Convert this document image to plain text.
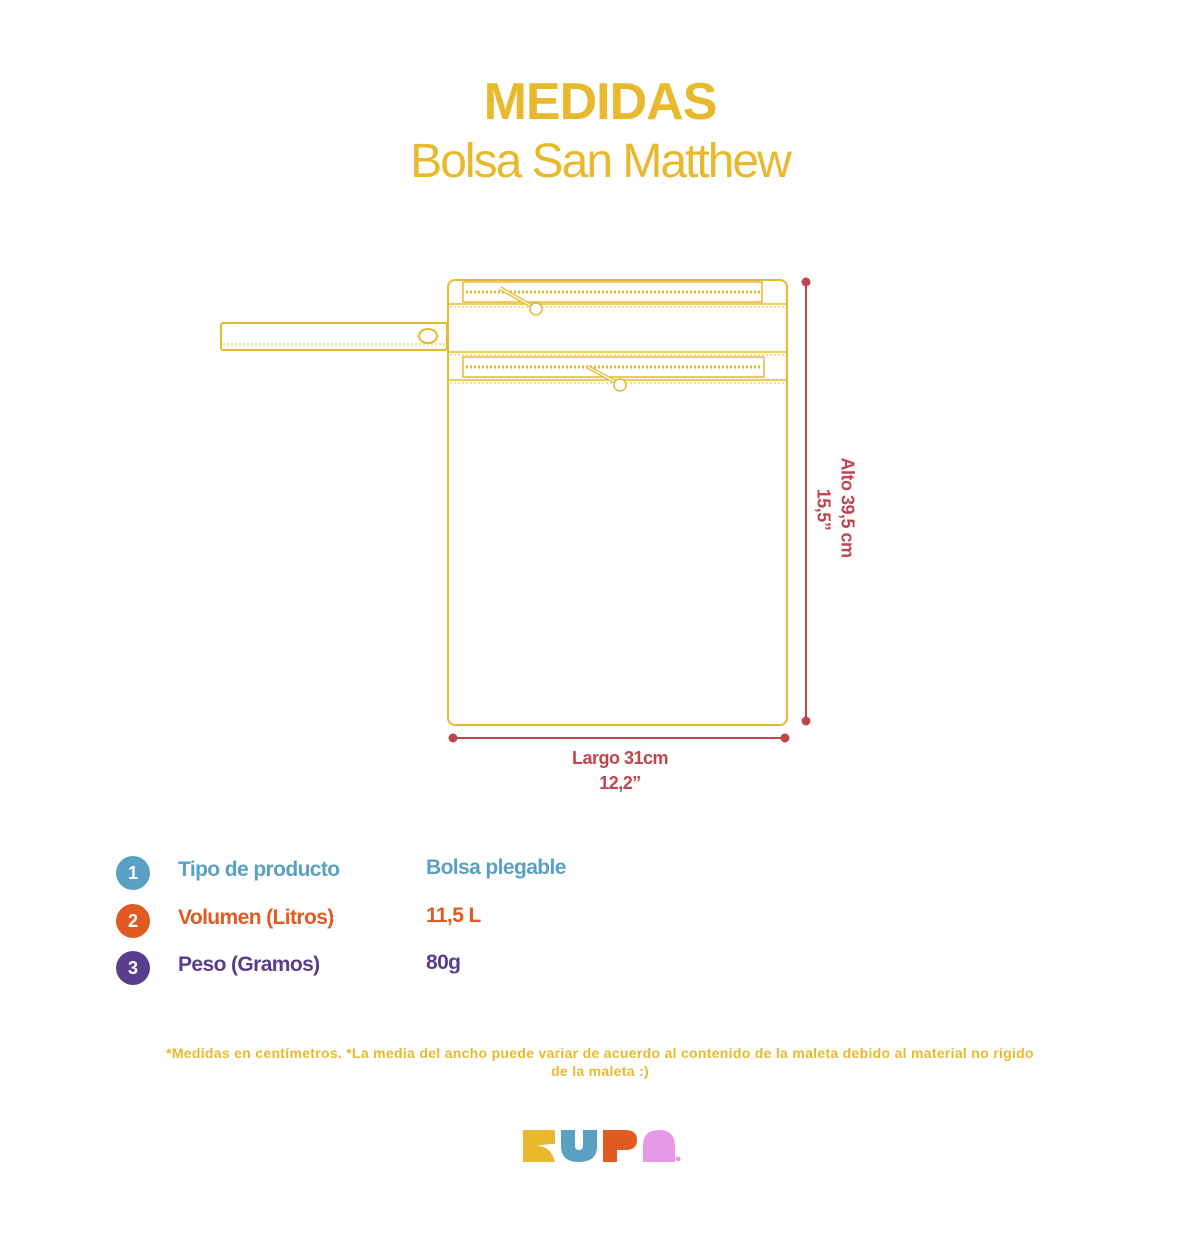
MEDIDAS
Bolsa San Matthew
Largo 31cm
12,2”
Alto 39,5 cm
15,5”
1	Tipo de producto	Bolsa plegable
2	Volumen (Litros)	11,5 L
3	Peso (Gramos)	80g
*Medidas en centímetros. *La media del ancho puede variar de acuerdo al contenido de la maleta debido al material no rigido
de la maleta :)
